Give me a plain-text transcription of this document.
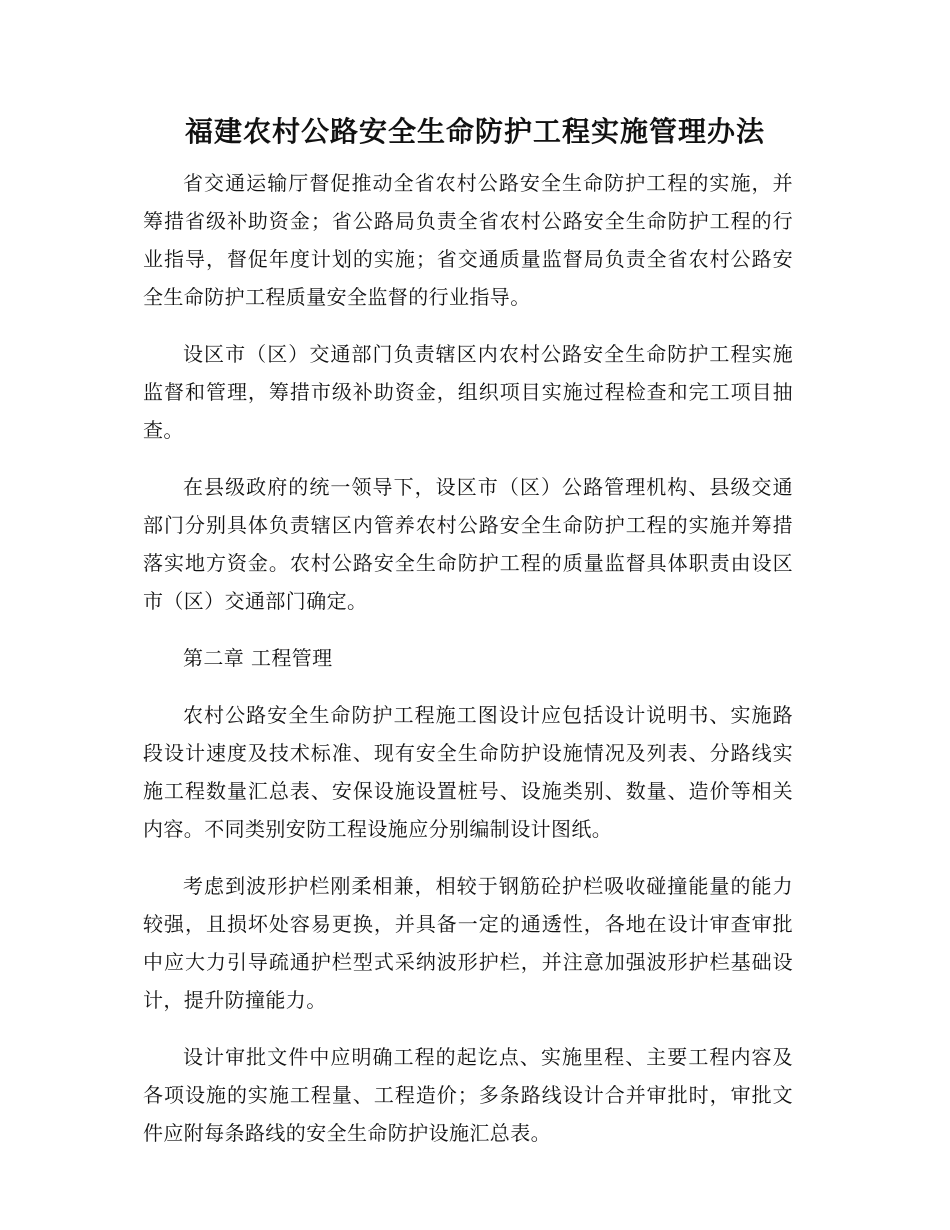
福建农村公路安全生命防护工程实施管理办法

省交通运输厅督促推动全省农村公路安全生命防护工程的实施，并筹措省级补助资金；省公路局负责全省农村公路安全生命防护工程的行业指导，督促年度计划的实施；省交通质量监督局负责全省农村公路安全生命防护工程质量安全监督的行业指导。

设区市（区）交通部门负责辖区内农村公路安全生命防护工程实施监督和管理，筹措市级补助资金，组织项目实施过程检查和完工项目抽查。

在县级政府的统一领导下，设区市（区）公路管理机构、县级交通部门分别具体负责辖区内管养农村公路安全生命防护工程的实施并筹措落实地方资金。农村公路安全生命防护工程的质量监督具体职责由设区市（区）交通部门确定。

第二章 工程管理

农村公路安全生命防护工程施工图设计应包括设计说明书、实施路段设计速度及技术标准、现有安全生命防护设施情况及列表、分路线实施工程数量汇总表、安保设施设置桩号、设施类别、数量、造价等相关内容。不同类别安防工程设施应分别编制设计图纸。

考虑到波形护栏刚柔相兼，相较于钢筋砼护栏吸收碰撞能量的能力较强，且损坏处容易更换，并具备一定的通透性，各地在设计审查审批中应大力引导疏通护栏型式采纳波形护栏，并注意加强波形护栏基础设计，提升防撞能力。

设计审批文件中应明确工程的起讫点、实施里程、主要工程内容及各项设施的实施工程量、工程造价；多条路线设计合并审批时，审批文件应附每条路线的安全生命防护设施汇总表。
